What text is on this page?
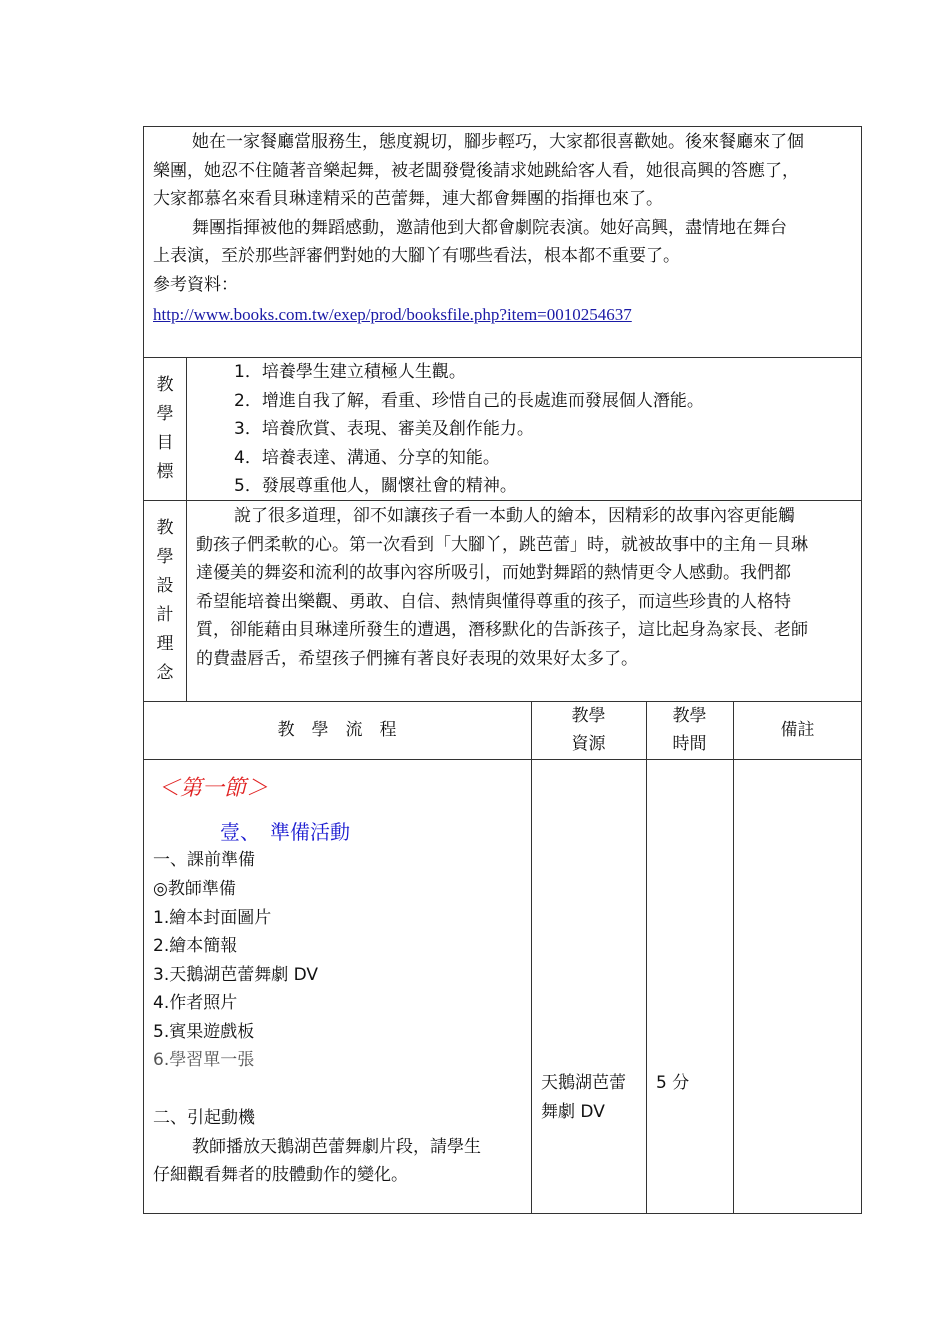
她在一家餐廳當服務生，態度親切，腳步輕巧，大家都很喜歡她。後來餐廳來了個
樂團，她忍不住隨著音樂起舞，被老闆發覺後請求她跳給客人看，她很高興的答應了，
大家都慕名來看貝琳達精采的芭蕾舞，連大都會舞團的指揮也來了。
舞團指揮被他的舞蹈感動，邀請他到大都會劇院表演。她好高興，盡情地在舞台
上表演，至於那些評審們對她的大腳丫有哪些看法，根本都不重要了。
參考資料：
http://www.books.com.tw/exep/prod/booksfile.php?item=0010254637
教
學
目
標
1．培養學生建立積極人生觀。
2．增進自我了解，看重、珍惜自己的長處進而發展個人潛能。
3．培養欣賞、表現、審美及創作能力。
4．培養表達、溝通、分享的知能。
5．發展尊重他人，關懷社會的精神。
教
學
設
計
理
念
說了很多道理，卻不如讓孩子看一本動人的繪本，因精彩的故事內容更能觸
動孩子們柔軟的心。第一次看到「大腳丫，跳芭蕾」時，就被故事中的主角－貝琳
達優美的舞姿和流利的故事內容所吸引，而她對舞蹈的熱情更令人感動。我們都
希望能培養出樂觀、勇敢、自信、熱情與懂得尊重的孩子，而這些珍貴的人格特
質，卻能藉由貝琳達所發生的遭遇，潛移默化的告訴孩子，這比起身為家長、老師
的費盡唇舌，希望孩子們擁有著良好表現的效果好太多了。
教　學　流　程
教學
資源
教學
時間
備註
＜第一節＞
壹、　準備活動
一、課前準備
◎教師準備
1.繪本封面圖片
2.繪本簡報
3.天鵝湖芭蕾舞劇 DV
4.作者照片
5.賓果遊戲板
6.學習單一張
二、引起動機
教師播放天鵝湖芭蕾舞劇片段，請學生
仔細觀看舞者的肢體動作的變化。
天鵝湖芭蕾
舞劇 DV
5 分
